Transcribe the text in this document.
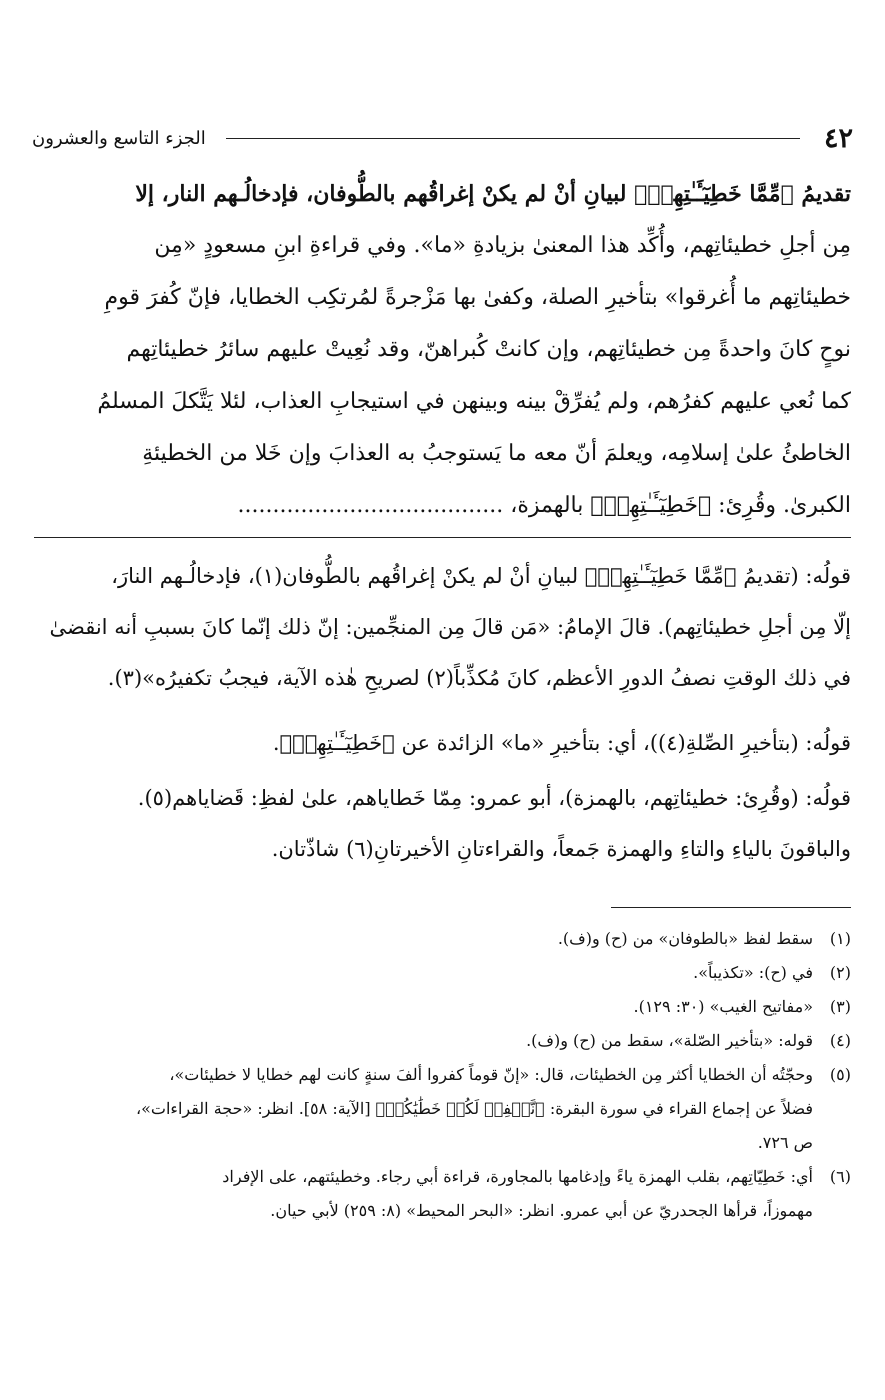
٤٢
الجزء التاسع والعشرون

تقديمُ ﴿مِّمَّا خَطِيٓـَٔـٰتِهِمۡ﴾ لبيانِ أنْ لم يكنْ إغراقُهم بالطُّوفان، فإدخالُـهم النار، إلا

مِن أجلِ خطيئاتِهم، وأُكِّد هذا المعنىٰ بزيادةِ «ما». وفي قراءةِ ابنِ مسعودٍ «مِن

خطيئاتِهم ما أُغرقوا» بتأخيرِ الصلة، وكفىٰ بها مَزْجرةً لمُرتكِب الخطايا، فإنّ كُفرَ قومِ

نوحٍ كانَ واحدةً مِن خطيئاتِهم، وإن كانتْ كُبراهنّ، وقد نُعِيتْ عليهم سائرُ خطيئاتِهم

كما نُعي عليهم كفرُهم، ولم يُفرِّقْ بينه وبينهن في استيجابِ العذاب، لئلا يَتَّكلَ المسلمُ

الخاطئُ علىٰ إسلامِه، ويعلمَ أنّ معه ما يَستوجبُ به العذابَ وإن خَلا من الخطيئةِ

الكبرىٰ. وقُرِئ: ﴿خَطِيٓـَٔـٰتِهِمۡ﴾ بالهمزة، ......................................

قولُه: (تقديمُ ﴿مِّمَّا خَطِيٓـَٔـٰتِهِمۡ﴾ لبيانِ أنْ لم يكنْ إغراقُهم بالطُّوفان(١)، فإدخالُـهم النارَ،

إلّا مِن أجلِ خطيئاتِهم). قالَ الإمامُ: «مَن قالَ مِن المنجِّمين: إنّ ذلك إنّما كانَ بسببِ أنه انقضىٰ

في ذلك الوقتِ نصفُ الدورِ الأعظم، كانَ مُكذِّباً(٢) لصريحِ هٰذه الآية، فيجبُ تكفيرُه»(٣).

قولُه: (بتأخيرِ الصِّلةِ(٤))، أي: بتأخيرِ «ما» الزائدة عن ﴿خَطِيٓـَٔـٰتِهِمۡ﴾.

قولُه: (وقُرِئ: خطيئاتِهم، بالهمزة)، أبو عمرو: مِمّا خَطاياهم، علىٰ لفظِ: قَضاياهم(٥).

والباقونَ بالياءِ والتاءِ والهمزة جَمعاً، والقراءتانِ الأخيرتانِ(٦) شاذّتان.

(١)سقط لفظ «بالطوفان» من (ح) و(ف).

(٢)في (ح): «تكذيباً».

(٣)«مفاتيح الغيب» (٣٠: ١٢٩).

(٤)قوله: «بتأخير الصّلة»، سقط من (ح) و(ف).

(٥)وحجّتُه أن الخطايا أكثر مِن الخطيئات، قال: «إنّ قوماً كفروا ألفَ سنةٍ كانت لهم خطايا لا خطيئات»،
فضلاً عن إجماع القراء في سورة البقرة: ﴿نَّغۡفِرۡ لَكُمۡ خَطَٰيَٰكُمۡ﴾ [الآية: ٥٨]. انظر: «حجة القراءات»،
ص ٧٢٦.

(٦)أي: خَطِيّاتِهم، بقلب الهمزة ياءً وإدغامها بالمجاورة، قراءة أبي رجاء. وخطيئتهم، على الإفراد
مهموزاً، قرأها الجحدريّ عن أبي عمرو. انظر: «البحر المحيط» (٨: ٢٥٩) لأبي حيان.
